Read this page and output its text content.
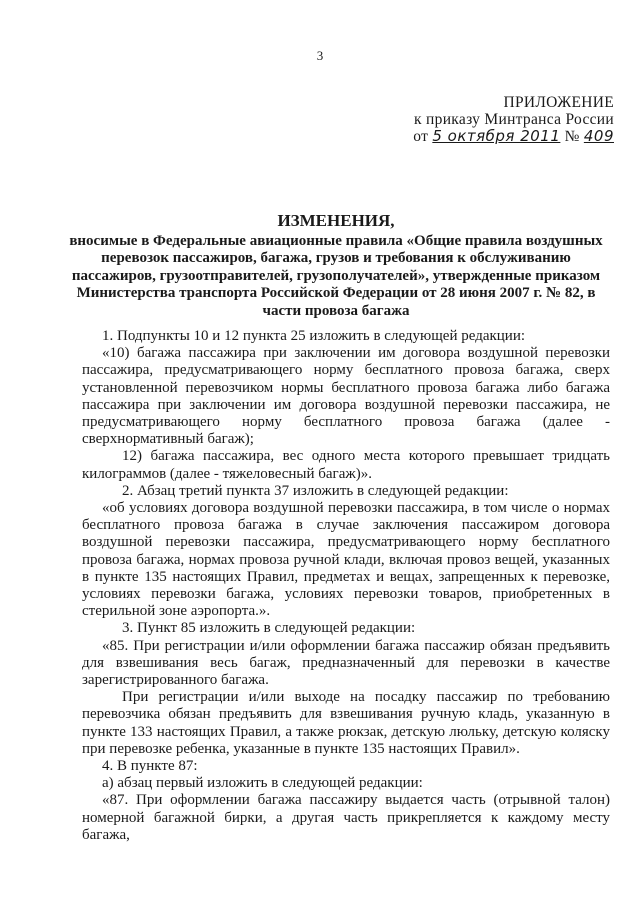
3
ПРИЛОЖЕНИЕ
к приказу Минтранса России
от 5 октября 2011 № 409
ИЗМЕНЕНИЯ,
вносимые в Федеральные авиационные правила «Общие правила воздушных перевозок пассажиров, багажа, грузов и требования к обслуживанию пассажиров, грузоотправителей, грузополучателей», утвержденные приказом Министерства транспорта Российской Федерации от 28 июня 2007 г. № 82, в части провоза багажа

1. Подпункты 10 и 12 пункта 25 изложить в следующей редакции:

«10) багажа пассажира при заключении им договора воздушной перевозки пассажира, предусматривающего норму бесплатного провоза багажа, сверх установленной перевозчиком нормы бесплатного провоза багажа либо багажа пассажира при заключении им договора воздушной перевозки пассажира, не предусматривающего норму бесплатного провоза багажа (далее - сверхнормативный багаж);

12) багажа пассажира, вес одного места которого превышает тридцать килограммов (далее - тяжеловесный багаж)».

2. Абзац третий пункта 37 изложить в следующей редакции:

«об условиях договора воздушной перевозки пассажира, в том числе о нормах бесплатного провоза багажа в случае заключения пассажиром договора воздушной перевозки пассажира, предусматривающего норму бесплатного провоза багажа, нормах провоза ручной клади, включая провоз вещей, указанных в пункте 135 настоящих Правил, предметах и вещах, запрещенных к перевозке, условиях перевозки багажа, условиях перевозки товаров, приобретенных в стерильной зоне аэропорта.».

3. Пункт 85 изложить в следующей редакции:

«85. При регистрации и/или оформлении багажа пассажир обязан предъявить для взвешивания весь багаж, предназначенный для перевозки в качестве зарегистрированного багажа.

При регистрации и/или выходе на посадку пассажир по требованию перевозчика обязан предъявить для взвешивания ручную кладь, указанную в пункте 133 настоящих Правил, а также рюкзак, детскую люльку, детскую коляску при перевозке ребенка, указанные в пункте 135 настоящих Правил».

4. В пункте 87:

а) абзац первый изложить в следующей редакции:

«87. При оформлении багажа пассажиру выдается часть (отрывной талон) номерной багажной бирки, а другая часть прикрепляется к каждому месту багажа,
